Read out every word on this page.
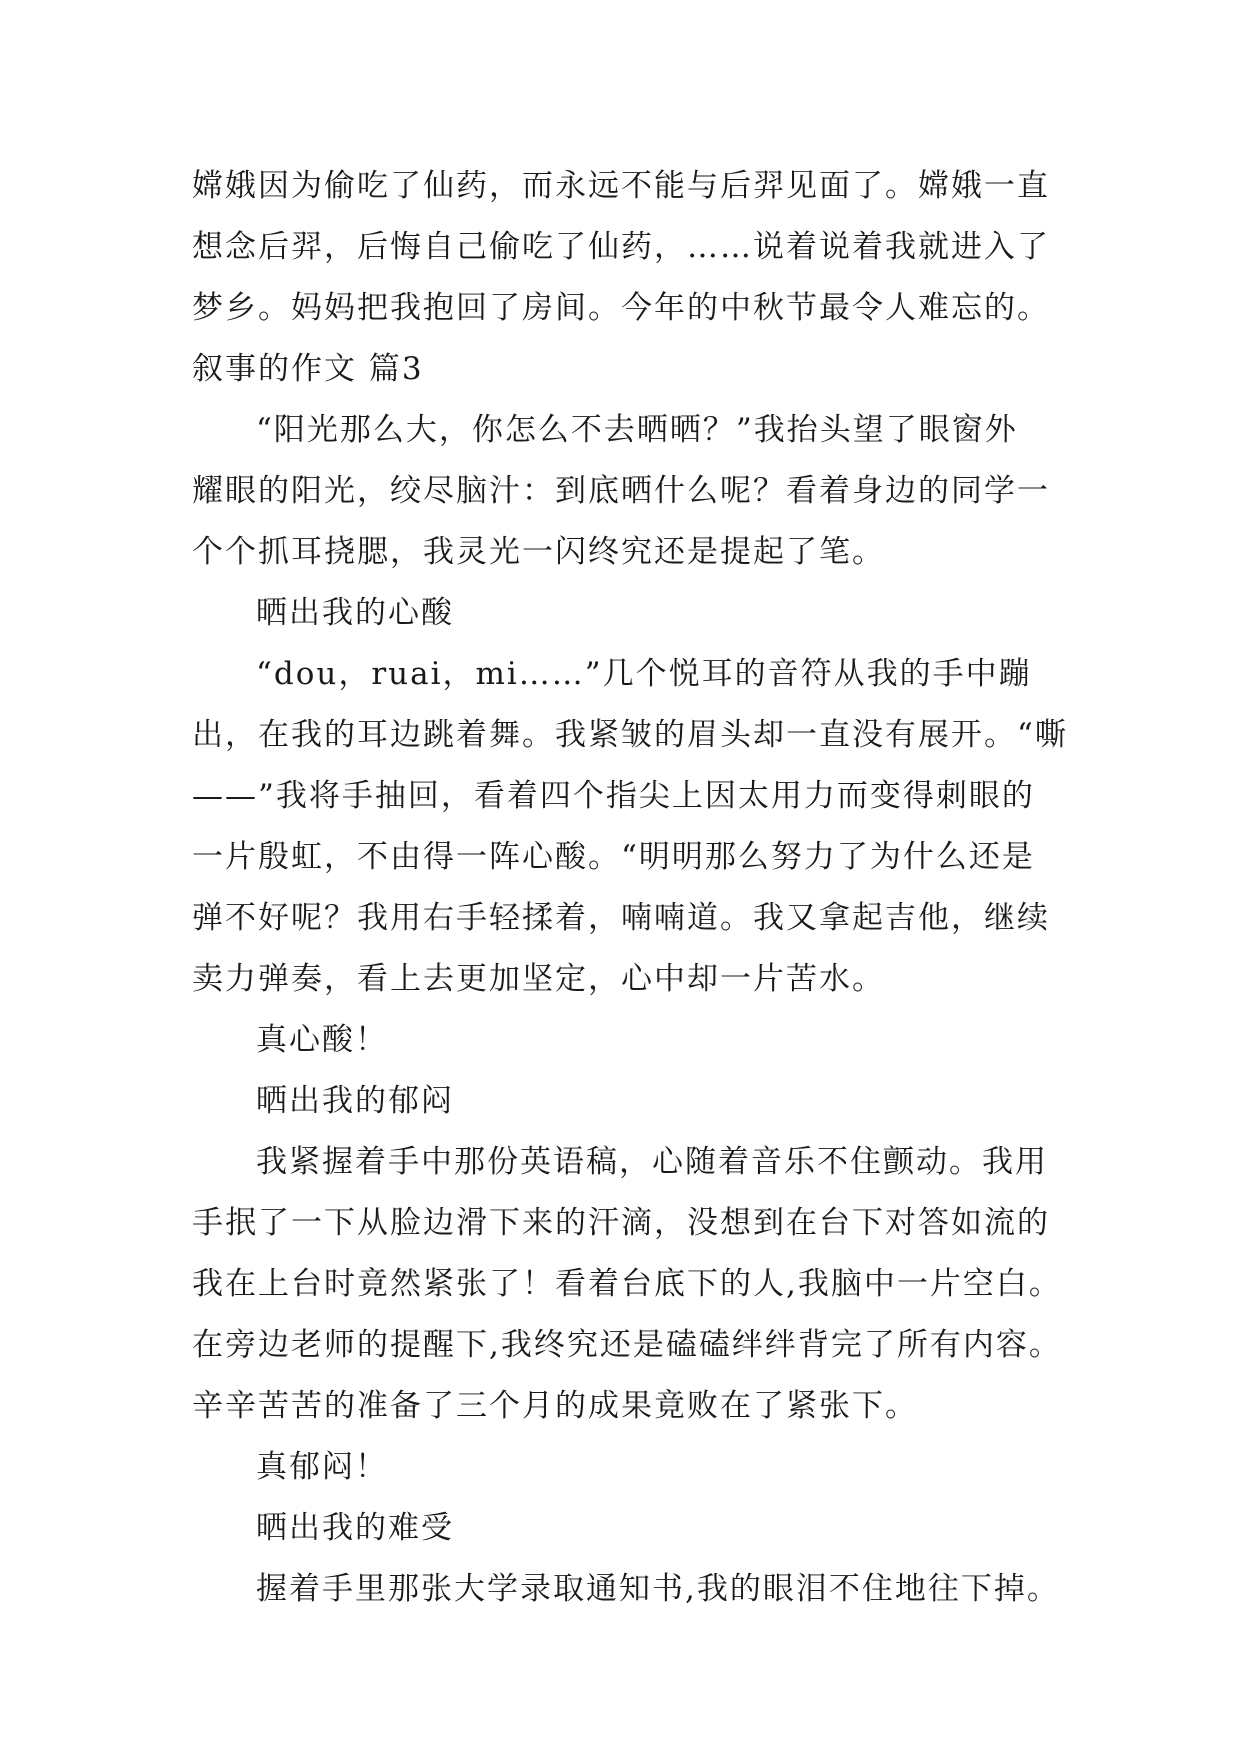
嫦娥因为偷吃了仙药，而永远不能与后羿见面了。嫦娥一直
想念后羿，后悔自己偷吃了仙药，……说着说着我就进入了
梦乡。妈妈把我抱回了房间。今年的中秋节最令人难忘的。
叙事的作文 篇3
“阳光那么大，你怎么不去晒晒？”我抬头望了眼窗外
耀眼的阳光，绞尽脑汁：到底晒什么呢？看着身边的同学一
个个抓耳挠腮，我灵光一闪终究还是提起了笔。
晒出我的心酸
“dou，ruai，mi……”几个悦耳的音符从我的手中蹦
出，在我的耳边跳着舞。我紧皱的眉头却一直没有展开。“嘶
——”我将手抽回，看着四个指尖上因太用力而变得刺眼的
一片殷虹，不由得一阵心酸。“明明那么努力了为什么还是
弹不好呢？我用右手轻揉着，喃喃道。我又拿起吉他，继续
卖力弹奏，看上去更加坚定，心中却一片苦水。
真心酸！
晒出我的郁闷
我紧握着手中那份英语稿，心随着音乐不住颤动。我用
手抿了一下从脸边滑下来的汗滴，没想到在台下对答如流的
我在上台时竟然紧张了！看着台底下的人,我脑中一片空白。
在旁边老师的提醒下,我终究还是磕磕绊绊背完了所有内容。
辛辛苦苦的准备了三个月的成果竟败在了紧张下。
真郁闷！
晒出我的难受
握着手里那张大学录取通知书,我的眼泪不住地往下掉。
